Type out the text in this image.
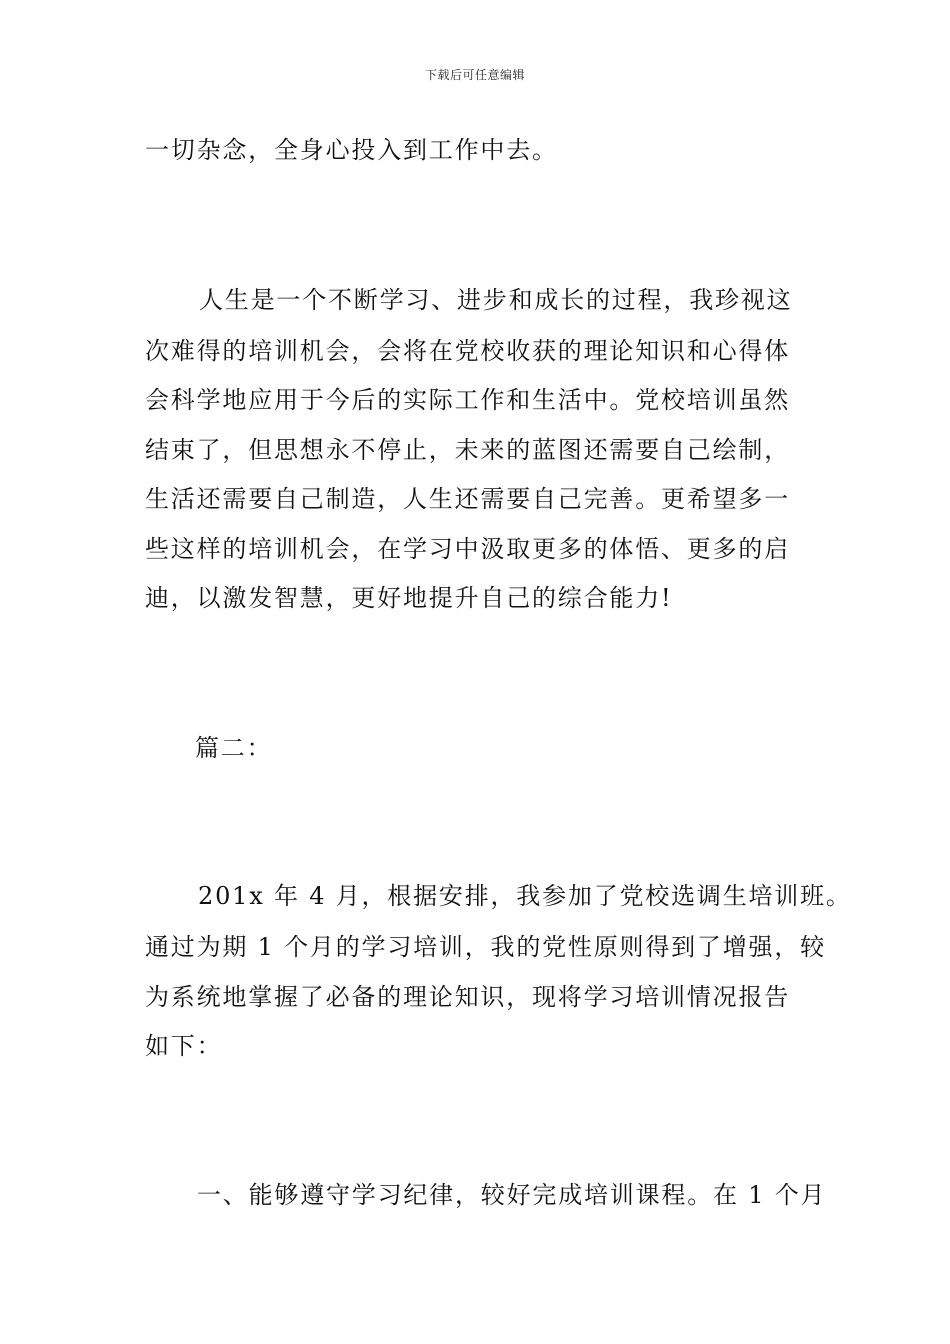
下载后可任意编辑
一切杂念，全身心投入到工作中去。
人生是一个不断学习、进步和成长的过程，我珍视这
次难得的培训机会，会将在党校收获的理论知识和心得体
会科学地应用于今后的实际工作和生活中。党校培训虽然
结束了，但思想永不停止，未来的蓝图还需要自己绘制，
生活还需要自己制造，人生还需要自己完善。更希望多一
些这样的培训机会，在学习中汲取更多的体悟、更多的启
迪，以激发智慧，更好地提升自己的综合能力!
篇二：
201x 年 4 月，根据安排，我参加了党校选调生培训班。
通过为期 1 个月的学习培训，我的党性原则得到了增强，较
为系统地掌握了必备的理论知识，现将学习培训情况报告
如下：
一、能够遵守学习纪律，较好完成培训课程。在 1 个月
